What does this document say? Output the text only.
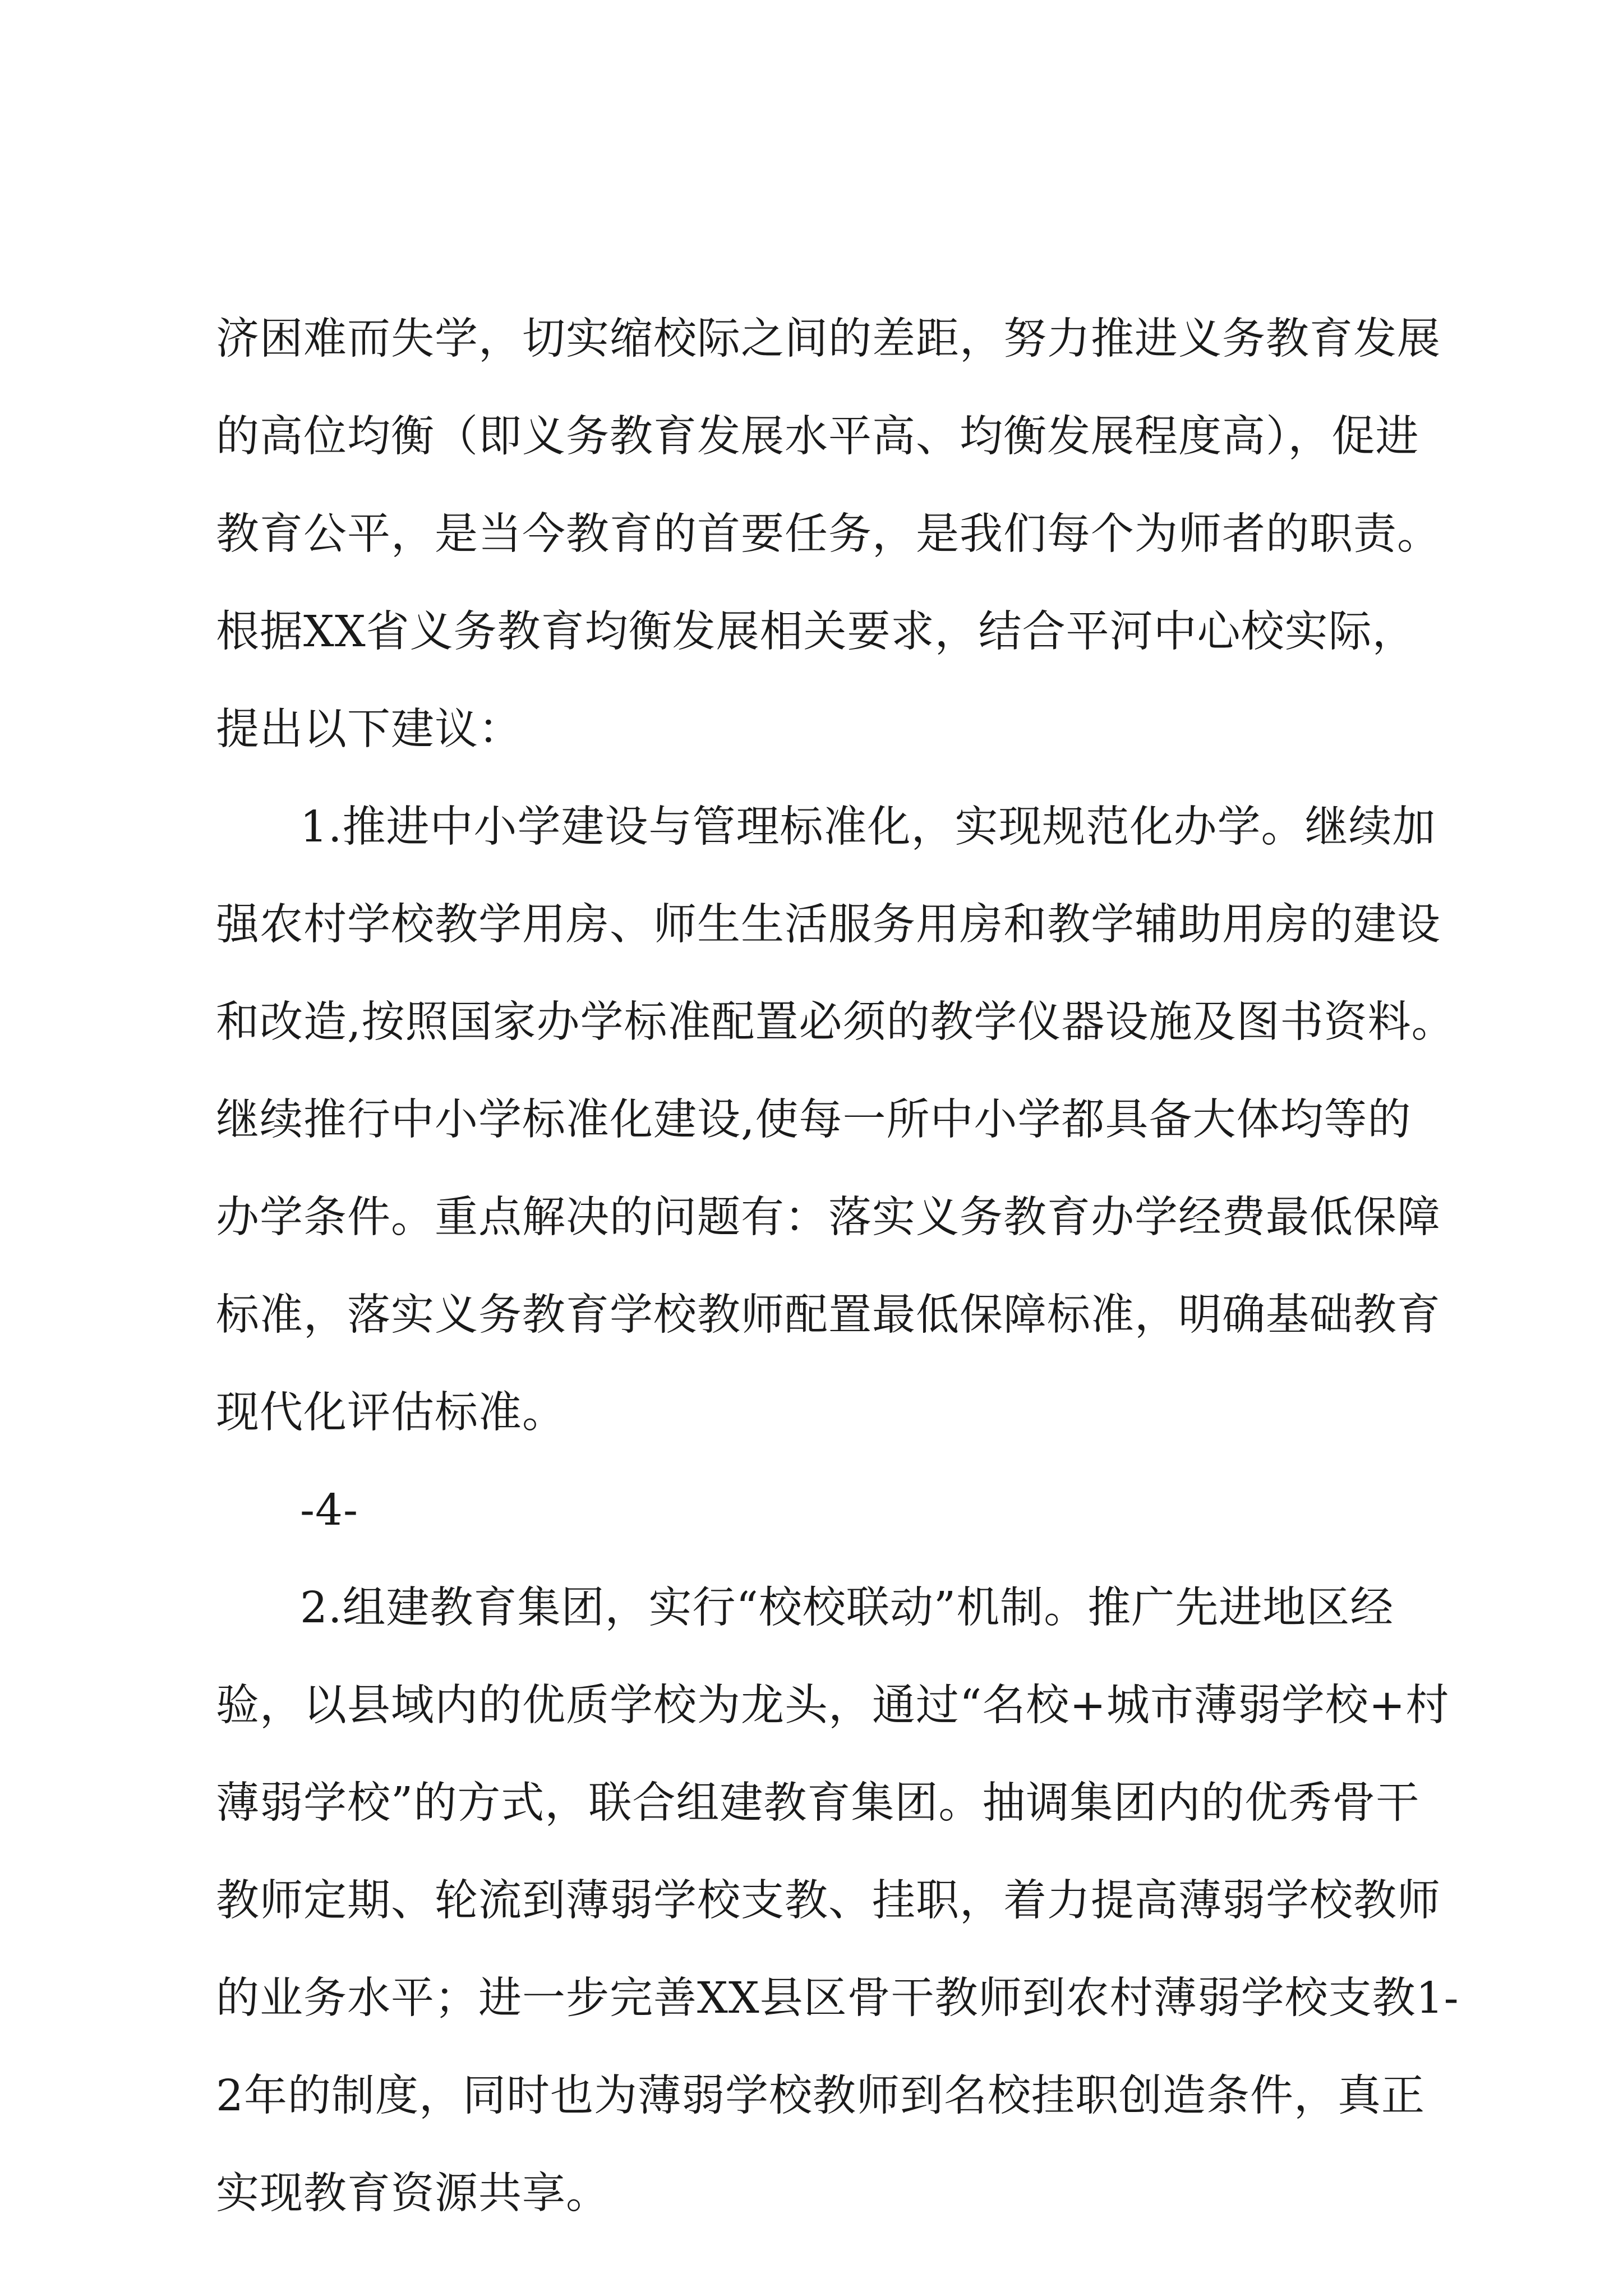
济困难而失学，切实缩校际之间的差距，努力推进义务教育发展
的高位均衡（即义务教育发展水平高、均衡发展程度高），促进
教育公平，是当今教育的首要任务，是我们每个为师者的职责。
根据XX省义务教育均衡发展相关要求，结合平河中心校实际，
提出以下建议：
1.推进中小学建设与管理标准化，实现规范化办学。继续加
强农村学校教学用房、师生生活服务用房和教学辅助用房的建设
和改造,按照国家办学标准配置必须的教学仪器设施及图书资料。
继续推行中小学标准化建设,使每一所中小学都具备大体均等的
办学条件。重点解决的问题有：落实义务教育办学经费最低保障
标准，落实义务教育学校教师配置最低保障标准，明确基础教育
现代化评估标准。
-4-
2.组建教育集团，实行“校校联动”机制。推广先进地区经
验，以县域内的优质学校为龙头，通过“名校+城市薄弱学校+村
薄弱学校”的方式，联合组建教育集团。抽调集团内的优秀骨干
教师定期、轮流到薄弱学校支教、挂职，着力提高薄弱学校教师
的业务水平；进一步完善XX县区骨干教师到农村薄弱学校支教1-
2年的制度，同时也为薄弱学校教师到名校挂职创造条件，真正
实现教育资源共享。
